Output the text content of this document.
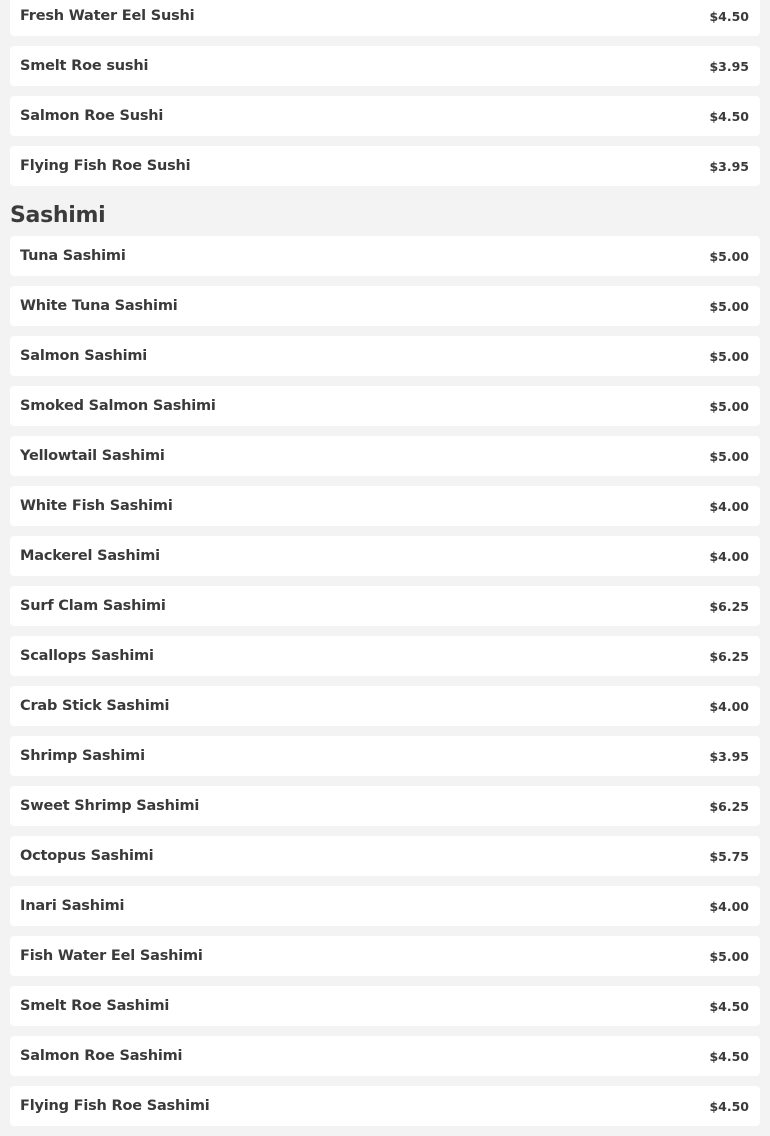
Fresh Water Eel Sushi	$4.50
Smelt Roe sushi	$3.95
Salmon Roe Sushi	$4.50
Flying Fish Roe Sushi	$3.95
Sashimi
Tuna Sashimi	$5.00
White Tuna Sashimi	$5.00
Salmon Sashimi	$5.00
Smoked Salmon Sashimi	$5.00
Yellowtail Sashimi	$5.00
White Fish Sashimi	$4.00
Mackerel Sashimi	$4.00
Surf Clam Sashimi	$6.25
Scallops Sashimi	$6.25
Crab Stick Sashimi	$4.00
Shrimp Sashimi	$3.95
Sweet Shrimp Sashimi	$6.25
Octopus Sashimi	$5.75
Inari Sashimi	$4.00
Fish Water Eel Sashimi	$5.00
Smelt Roe Sashimi	$4.50
Salmon Roe Sashimi	$4.50
Flying Fish Roe Sashimi	$4.50
